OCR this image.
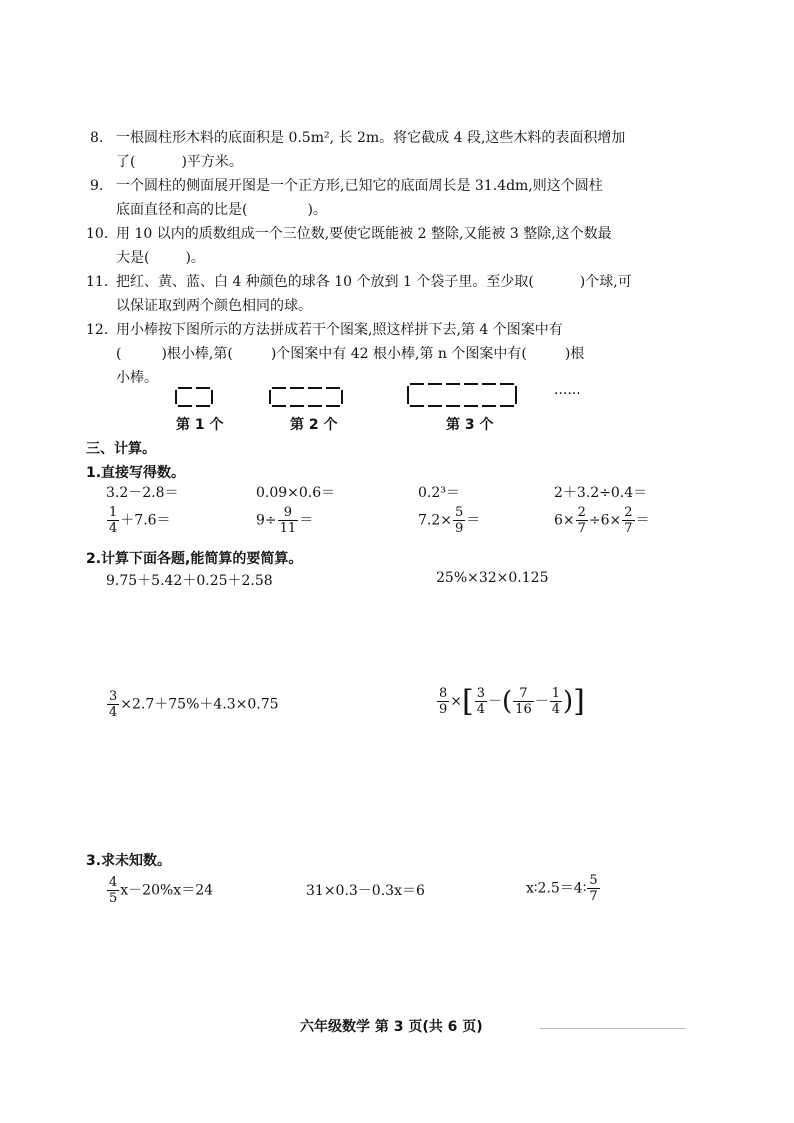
8. 一根圆柱形木料的底面积是 0.5m², 长 2m。将它截成 4 段,这些木料的表面积增加
了(	)平方米。
9. 一个圆柱的侧面展开图是一个正方形,已知它的底面周长是 31.4dm,则这个圆柱
底面直径和高的比是(	)。
10. 用 10 以内的质数组成一个三位数,要使它既能被 2 整除,又能被 3 整除,这个数最
大是(	)。
11. 把红、黄、蓝、白 4 种颜色的球各 10 个放到 1 个袋子里。至少取(	)个球,可
以保证取到两个颜色相同的球。
12. 用小棒按下图所示的方法拼成若干个图案,照这样拼下去,第 4 个图案中有
(	)根小棒,第(	)个图案中有 42 根小棒,第 n 个图案中有(	)根
小棒。
······
第 1 个	第 2 个	第 3 个
三、计算。
1.直接写得数。
3.2－2.8＝	0.09×0.6＝	0.2³＝	2＋3.2÷0.4＝
$\frac{1}{4} +7.6=$	$9\div \frac{9}{11}$ ＝	$7.2\times \frac{5}{9}$ ＝	$6\times \frac{2}{7} \div 6\times \frac{2}{7}$ ＝
2.计算下面各题,能简算的要简算。
9.75＋5.42＋0.25＋2.58	25%×32×0.125
$\frac{3}{4} \times 2.7+75\%+4.3\times 0.75$	$\frac{8}{9}$ ×[ $\frac{3}{4}$ －( $\frac{7}{16} - \frac{1}{4}$ )]
3.求未知数。
$\frac{4}{5} x-20\%x=24$	31×0.3－0.3x＝6	x∶2.5＝4∶ $\frac{5}{7}$
六年级数学 第 3 页(共 6 页)
